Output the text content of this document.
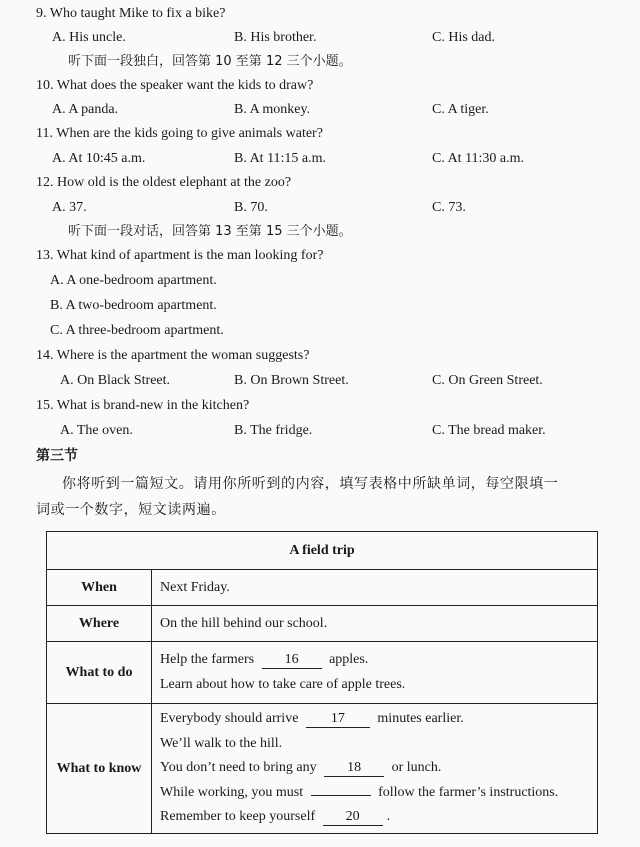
9. Who taught Mike to fix a bike?
A. His uncle.	B. His brother.	C. His dad.
听下面一段独白，回答第 10 至第 12 三个小题。
10. What does the speaker want the kids to draw?
A. A panda.	B. A monkey.	C. A tiger.
11. When are the kids going to give animals water?
A. At 10:45 a.m.	B. At 11:15 a.m.	C. At 11:30 a.m.
12. How old is the oldest elephant at the zoo?
A. 37.	B. 70.	C. 73.
听下面一段对话，回答第 13 至第 15 三个小题。
13. What kind of apartment is the man looking for?
A. A one-bedroom apartment.
B. A two-bedroom apartment.
C. A three-bedroom apartment.
14. Where is the apartment the woman suggests?
A. On Black Street.	B. On Brown Street.	C. On Green Street.
15. What is brand-new in the kitchen?
A. The oven.	B. The fridge.	C. The bread maker.
第三节
你将听到一篇短文。请用你所听到的内容，填写表格中所缺单词，每空限填一
词或一个数字，短文读两遍。
A field trip	
When	Next Friday.
Where	On the hill behind our school.
What to do	Help the farmers 16 apples.
Learn about how to take care of apple trees.

What to know	Everybody should arrive 17 minutes earlier.
We’ll walk to the hill.
You don’t need to bring any 18 or lunch.
While working, you must follow the farmer’s instructions.
Remember to keep yourself 20 .
